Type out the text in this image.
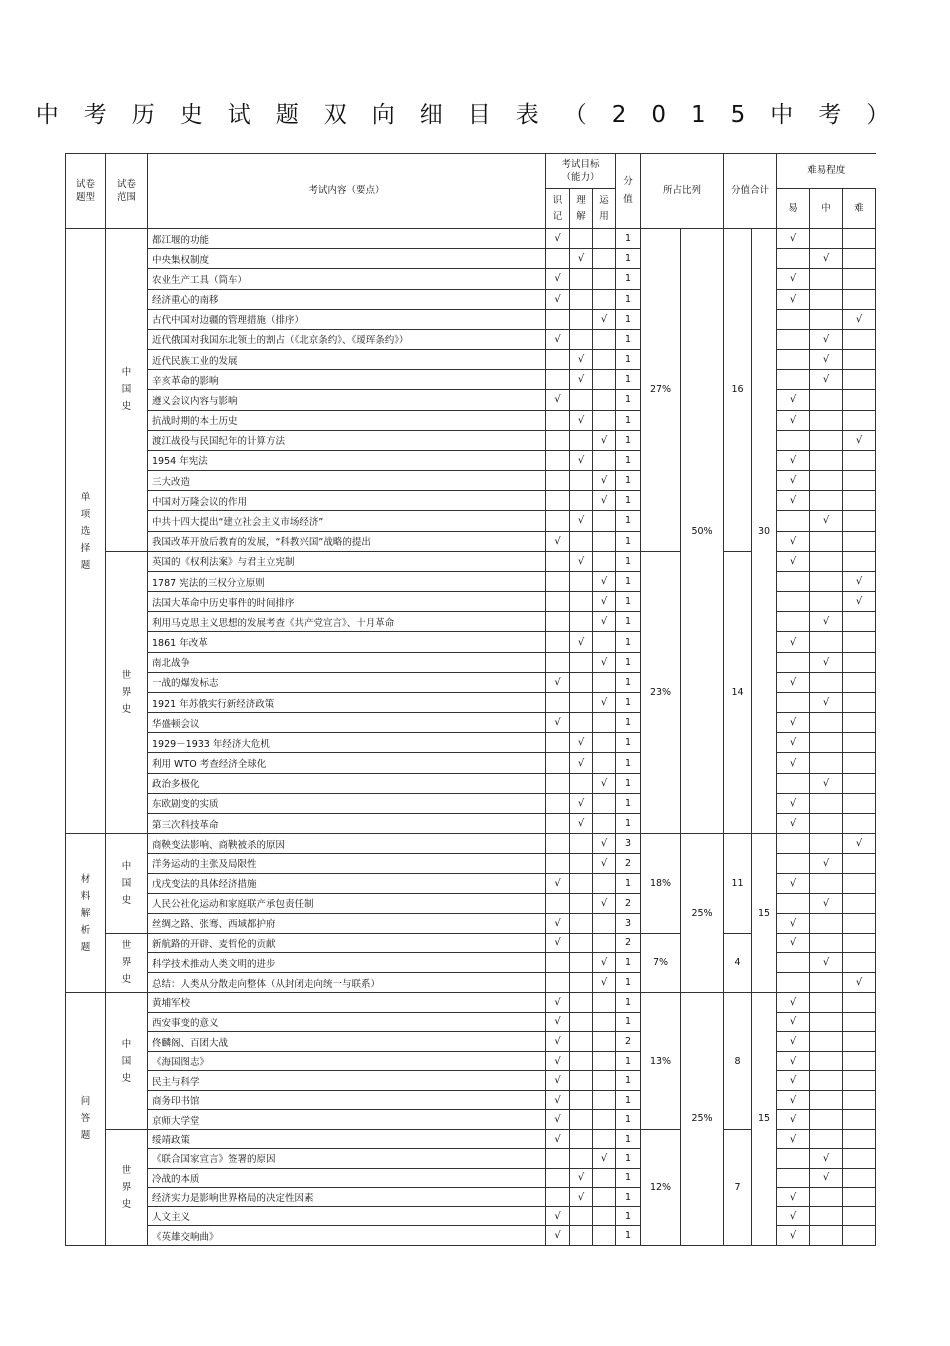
中考历史试题双向细目表（2015中考）
试卷题型	试卷范围	考试内容（要点）	考试目标（能力）			分值	所占比列		分值合计		难易程度		
			识记	理解	运用						易	中	难
单项选择题	中国史	都江堰的功能	√			1	27%	50%	16	30	√		
		中央集权制度		√		1						√	
		农业生产工具（筒车）	√			1					√		
		经济重心的南移	√			1					√		
		古代中国对边疆的管理措施（排序）			√	1							√
		近代俄国对我国东北领土的割占（《北京条约》、《瑷珲条约》）	√			1						√	
		近代民族工业的发展		√		1						√	
		辛亥革命的影响		√		1						√	
		遵义会议内容与影响	√			1					√		
		抗战时期的本土历史		√		1					√		
		渡江战役与民国纪年的计算方法			√	1							√
		1954 年宪法		√		1					√		
		三大改造			√	1					√		
		中国对万隆会议的作用			√	1					√		
		中共十四大提出“建立社会主义市场经济”		√		1						√	
		我国改革开放后教育的发展，“科教兴国”战略的提出	√			1					√		
	世界史	英国的《权利法案》与君主立宪制		√		1	23%		14		√		
		1787 宪法的三权分立原则			√	1							√
		法国大革命中历史事件的时间排序			√	1							√
		利用马克思主义思想的发展考查《共产党宣言》、十月革命			√	1						√	
		1861 年改革		√		1					√		
		南北战争			√	1						√	
		一战的爆发标志	√			1					√		
		1921 年苏俄实行新经济政策			√	1						√	
		华盛顿会议	√			1					√		
		1929－1933 年经济大危机		√		1					√		
		利用 WTO 考查经济全球化		√		1					√		
		政治多极化			√	1						√	
		东欧剧变的实质		√		1					√		
		第三次科技革命		√		1					√		
材料解析题	中国史	商鞅变法影响、商鞅被杀的原因			√	3	18%	25%	11	15			√
		洋务运动的主张及局限性			√	2						√	
		戊戌变法的具体经济措施	√			1					√		
		人民公社化运动和家庭联产承包责任制			√	2						√	
		丝绸之路、张骞、西域都护府	√			3					√		
	世界史	新航路的开辟、麦哲伦的贡献	√			2	7%		4		√		
		科学技术推动人类文明的进步			√	1						√	
		总结：人类从分散走向整体（从封闭走向统一与联系）			√	1							√
问答题	中国史	黄埔军校	√			1	13%	25%	8	15	√		
		西安事变的意义	√			1					√		
		佟麟阁、百团大战	√			2					√		
		《海国图志》	√			1					√		
		民主与科学	√			1					√		
		商务印书馆	√			1					√		
		京师大学堂	√			1					√		
	世界史	绥靖政策	√			1	12%		7		√		
		《联合国家宣言》签署的原因			√	1						√	
		冷战的本质		√		1						√	
		经济实力是影响世界格局的决定性因素		√		1					√		
		人文主义	√			1					√		
		《英雄交响曲》	√			1					√		
